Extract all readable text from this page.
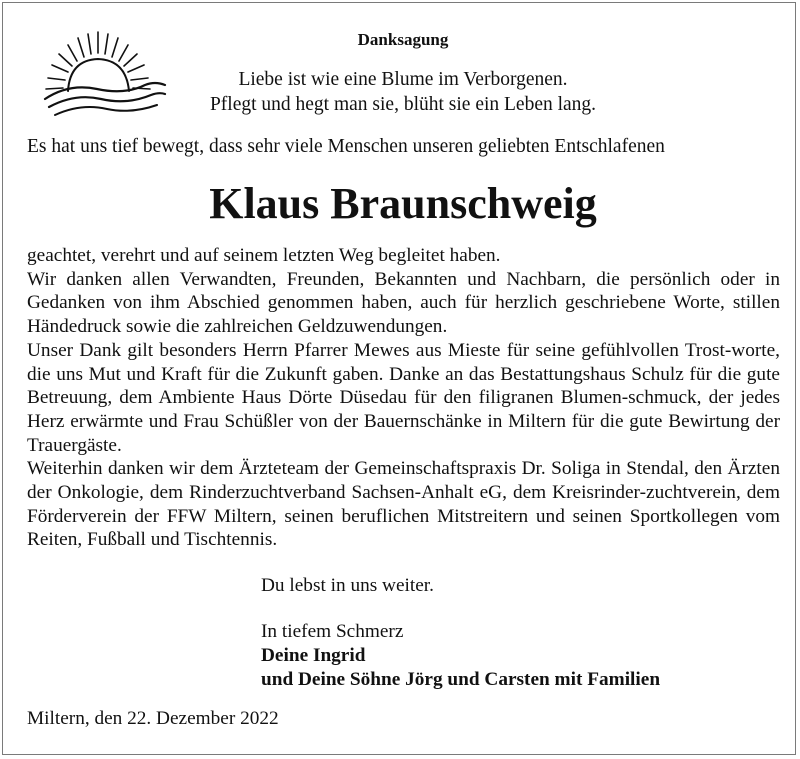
Danksagung
Liebe ist wie eine Blume im Verborgenen.
Pflegt und hegt man sie, blüht sie ein Leben lang.
Es hat uns tief bewegt, dass sehr viele Menschen unseren geliebten Entschlafenen
Klaus Braunschweig

geachtet, verehrt und auf seinem letzten Weg begleitet haben.

Wir danken allen Verwandten, Freunden, Bekannten und Nachbarn, die persönlich oder in Gedanken von ihm Abschied genommen haben, auch für herzlich geschriebene Worte, stillen Händedruck sowie die zahlreichen Geldzuwendungen.

Unser Dank gilt besonders Herrn Pfarrer Mewes aus Mieste für seine gefühlvollen Trost-worte, die uns Mut und Kraft für die Zukunft gaben. Danke an das Bestattungshaus Schulz für die gute Betreuung, dem Ambiente Haus Dörte Düsedau für den filigranen Blumen-schmuck, der jedes Herz erwärmte und Frau Schüßler von der Bauernschänke in Miltern für die gute Bewirtung der Trauergäste.

Weiterhin danken wir dem Ärzteteam der Gemeinschaftspraxis Dr. Soliga in Stendal, den Ärzten der Onkologie, dem Rinderzuchtverband Sachsen-Anhalt eG, dem Kreisrinder-zuchtverein, dem Förderverein der FFW Miltern, seinen beruflichen Mitstreitern und seinen Sportkollegen vom Reiten, Fußball und Tischtennis.

Du lebst in uns weiter.
In tiefem Schmerz
Deine Ingrid
und Deine Söhne Jörg und Carsten mit Familien
Miltern, den 22. Dezember 2022
